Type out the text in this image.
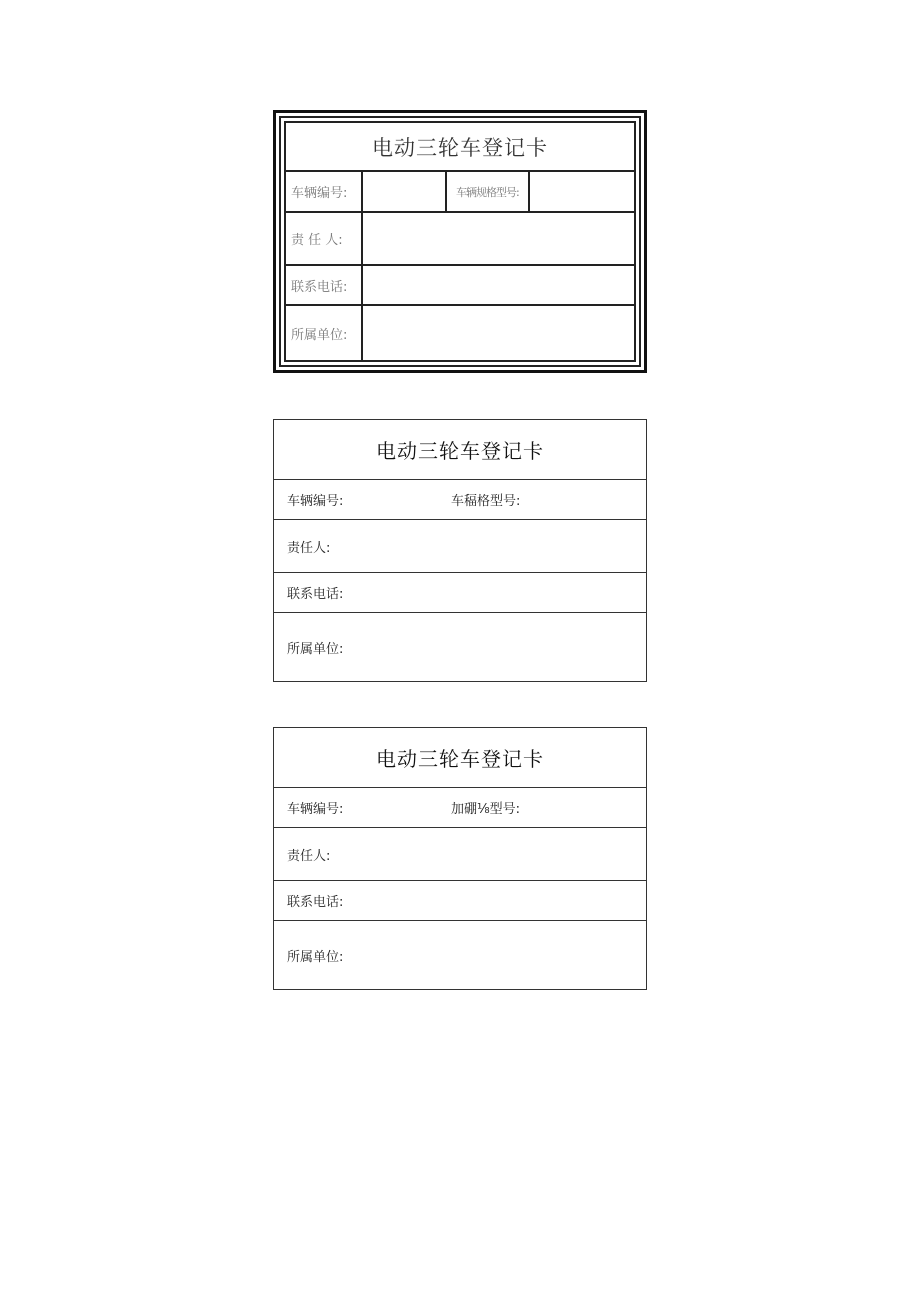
电动三轮车登记卡
车辆编号:	车辆规格型号:
责 任 人:
联系电话:
所属单位:
电动三轮车登记卡
车辆编号:	车稫格型号:
责任人:
联系电话:
所属单位:
电动三轮车登记卡
车辆编号:	加硼⅛型号:
责任人:
联系电话:
所属单位:
